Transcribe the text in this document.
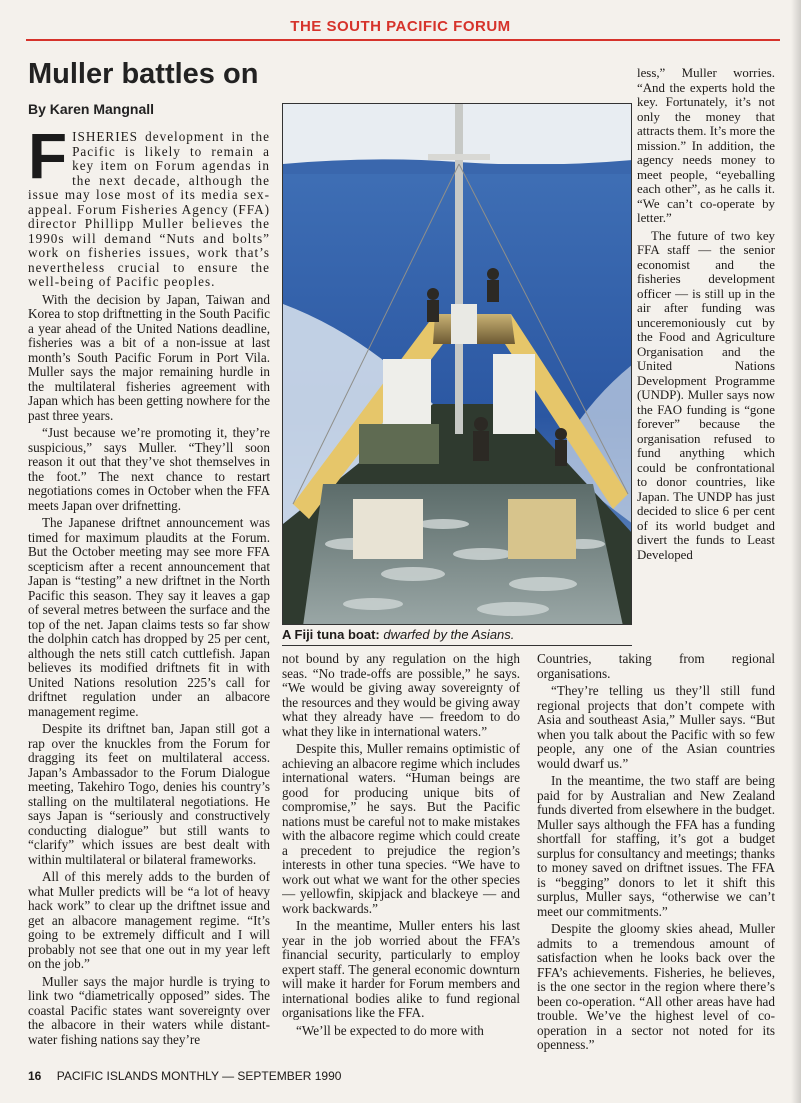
THE SOUTH PACIFIC FORUM
Muller battles on
By Karen Mangnall

FISHERIES development in the Pacific is likely to remain a key item on Forum agendas in the next decade, although the issue may lose most of its media sex-appeal. Forum Fisheries Agency (FFA) director Phillipp Muller believes the 1990s will demand “Nuts and bolts” work on fisheries issues, work that’s nevertheless crucial to ensure the well-being of Pacific peoples.

With the decision by Japan, Taiwan and Korea to stop driftnetting in the South Pacific a year ahead of the United Nations deadline, fisheries was a bit of a non-issue at last month’s South Pacific Forum in Port Vila. Muller says the major remaining hurdle in the multilateral fisheries agreement with Japan which has been getting nowhere for the past three years.

“Just because we’re promoting it, they’re suspicious,” says Muller. “They’ll soon reason it out that they’ve shot themselves in the foot.” The next chance to restart negotiations comes in October when the FFA meets Japan over drifnetting.

The Japanese driftnet announcement was timed for maximum plaudits at the Forum. But the October meeting may see more FFA scepticism after a recent announcement that Japan is “testing” a new driftnet in the North Pacific this season. They say it leaves a gap of several metres between the surface and the top of the net. Japan claims tests so far show the dolphin catch has dropped by 25 per cent, although the nets still catch cuttlefish. Japan believes its modified driftnets fit in with United Nations resolution 225’s call for driftnet regulation under an albacore management regime.

Despite its driftnet ban, Japan still got a rap over the knuckles from the Forum for dragging its feet on multilateral access. Japan’s Ambassador to the Forum Dialogue meeting, Takehiro Togo, denies his country’s stalling on the multilateral negotiations. He says Japan is “seriously and constructively conducting dialogue” but still wants to “clarify” which issues are best dealt with within multilateral or bilateral frameworks.

All of this merely adds to the burden of what Muller predicts will be “a lot of heavy hack work” to clear up the driftnet issue and get an albacore management regime. “It’s going to be extremely difficult and I will probably not see that one out in my year left on the job.”

Muller says the major hurdle is trying to link two “diametrically opposed” sides. The coastal Pacific states want sovereignty over the albacore in their waters while distant-water fishing nations say they’re

A Fiji tuna boat: dwarfed by the Asians.

less,” Muller worries. “And the experts hold the key. Fortunately, it’s not only the money that attracts them. It’s more the mission.” In addition, the agency needs money to meet people, “eyeballing each other”, as he calls it. “We can’t co-operate by letter.”

The future of two key FFA staff — the senior economist and the fisheries development officer — is still up in the air after funding was unceremoniously cut by the Food and Agriculture Organisation and the United Nations Development Programme (UNDP). Muller says now the FAO funding is “gone forever” because the organisation refused to fund anything which could be confrontational to donor countries, like Japan. The UNDP has just decided to slice 6 per cent of its world budget and divert the funds to Least Developed

not bound by any regulation on the high seas. “No trade-offs are possible,” he says. “We would be giving away sovereignty of the resources and they would be giving away what they already have — freedom to do what they like in international waters.”

Despite this, Muller remains optimistic of achieving an albacore regime which includes international waters. “Human beings are good for producing unique bits of compromise,” he says. But the Pacific nations must be careful not to make mistakes with the albacore regime which could create a precedent to prejudice the region’s interests in other tuna species. “We have to work out what we want for the other species — yellowfin, skipjack and blackeye — and work backwards.”

In the meantime, Muller enters his last year in the job worried about the FFA’s financial security, particularly to employ expert staff. The general economic downturn will make it harder for Forum members and international bodies alike to fund regional organisations like the FFA.

“We’ll be expected to do more with

Countries, taking from regional organisations.

“They’re telling us they’ll still fund regional projects that don’t compete with Asia and southeast Asia,” Muller says. “But when you talk about the Pacific with so few people, any one of the Asian countries would dwarf us.”

In the meantime, the two staff are being paid for by Australian and New Zealand funds diverted from elsewhere in the budget. Muller says although the FFA has a funding shortfall for staffing, it’s got a budget surplus for consultancy and meetings; thanks to money saved on driftnet issues. The FFA is “begging” donors to let it shift this surplus, Muller says, “otherwise we can’t meet our commitments.”

Despite the gloomy skies ahead, Muller admits to a tremendous amount of satisfaction when he looks back over the FFA’s achievements. Fisheries, he believes, is the one sector in the region where there’s been co-operation. “All other areas have had trouble. We’ve the highest level of co-operation in a sector not noted for its openness.”

16 PACIFIC ISLANDS MONTHLY — SEPTEMBER 1990
